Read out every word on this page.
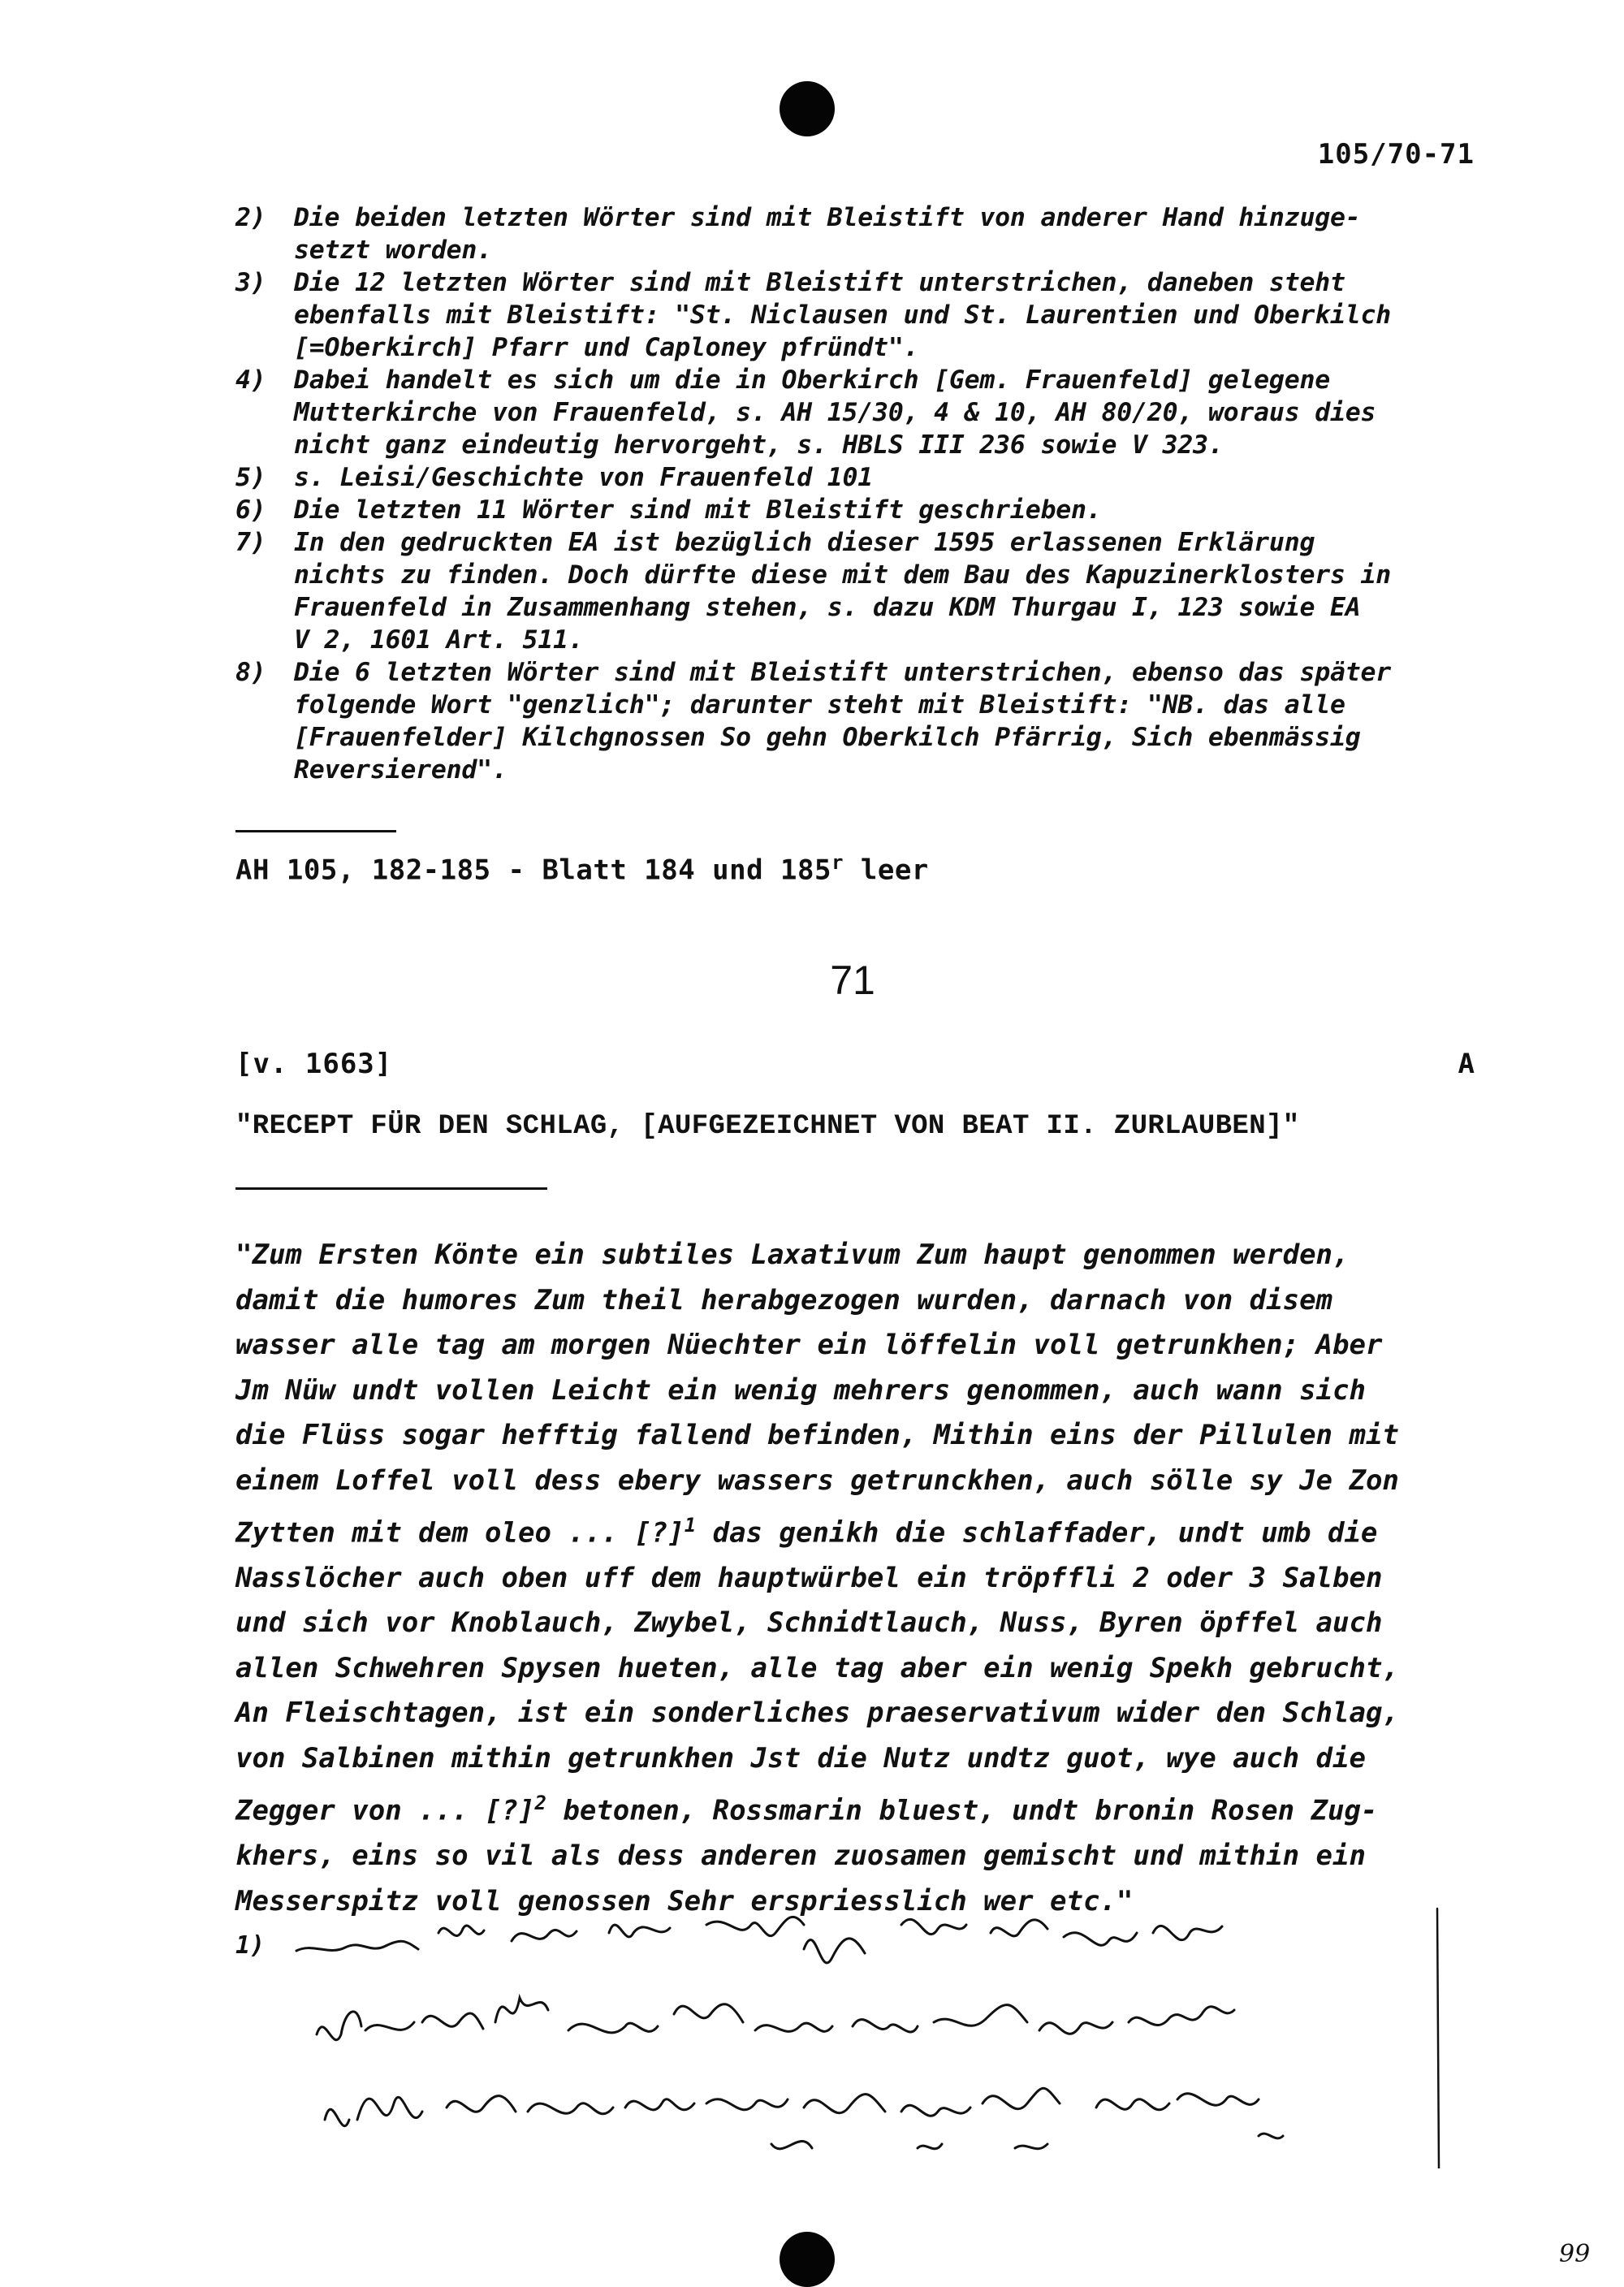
105/70-71
2)	Die beiden letzten Wörter sind mit Bleistift von anderer Hand hinzuge-
setzt worden.
3)	Die 12 letzten Wörter sind mit Bleistift unterstrichen, daneben steht
ebenfalls mit Bleistift: "St. Niclausen und St. Laurentien und Oberkilch
[=Oberkirch] Pfarr und Caploney pfründt".
4)	Dabei handelt es sich um die in Oberkirch [Gem. Frauenfeld] gelegene
Mutterkirche von Frauenfeld, s. AH 15/30, 4 & 10, AH 80/20, woraus dies
nicht ganz eindeutig hervorgeht, s. HBLS III 236 sowie V 323.
5)	s. Leisi/Geschichte von Frauenfeld 101
6)	Die letzten 11 Wörter sind mit Bleistift geschrieben.
7)	In den gedruckten EA ist bezüglich dieser 1595 erlassenen Erklärung
nichts zu finden. Doch dürfte diese mit dem Bau des Kapuzinerklosters in
Frauenfeld in Zusammenhang stehen, s. dazu KDM Thurgau I, 123 sowie EA
V 2, 1601 Art. 511.
8)	Die 6 letzten Wörter sind mit Bleistift unterstrichen, ebenso das später
folgende Wort "genzlich"; darunter steht mit Bleistift: "NB. das alle
[Frauenfelder] Kilchgnossen So gehn Oberkilch Pfärrig, Sich ebenmässig
Reversierend".
AH 105, 182-185 - Blatt 184 und 185$^r$ leer
71
[v. 1663]	A
"RECEPT FÜR DEN SCHLAG, [AUFGEZEICHNET VON BEAT II. ZURLAUBEN]"
"Zum Ersten Könte ein subtiles Laxativum Zum haupt genommen werden,
damit die humores Zum theil herabgezogen wurden, darnach von disem
wasser alle tag am morgen Nüechter ein löffelin voll getrunkhen; Aber
Jm Nüw undt vollen Leicht ein wenig mehrers genommen, auch wann sich
die Flüss sogar hefftig fallend befinden, Mithin eins der Pillulen mit
einem Loffel voll dess ebery wassers getrunckhen, auch sölle sy Je Zon
Zytten mit dem oleo ... [?]$^1$ das genikh die schlaffader, undt umb die
Nasslöcher auch oben uff dem hauptwürbel ein tröpffli 2 oder 3 Salben
und sich vor Knoblauch, Zwybel, Schnidtlauch, Nuss, Byren öpffel auch
allen Schwehren Spysen hueten, alle tag aber ein wenig Spekh gebrucht,
An Fleischtagen, ist ein sonderliches praeservativum wider den Schlag,
von Salbinen mithin getrunkhen Jst die Nutz undtz guot, wye auch die
Zegger von ... [?]$^2$ betonen, Rossmarin bluest, undt bronin Rosen Zug-
khers, eins so vil als dess anderen zuosamen gemischt und mithin ein
Messerspitz voll genossen Sehr erspriesslich wer etc."
1)
99
